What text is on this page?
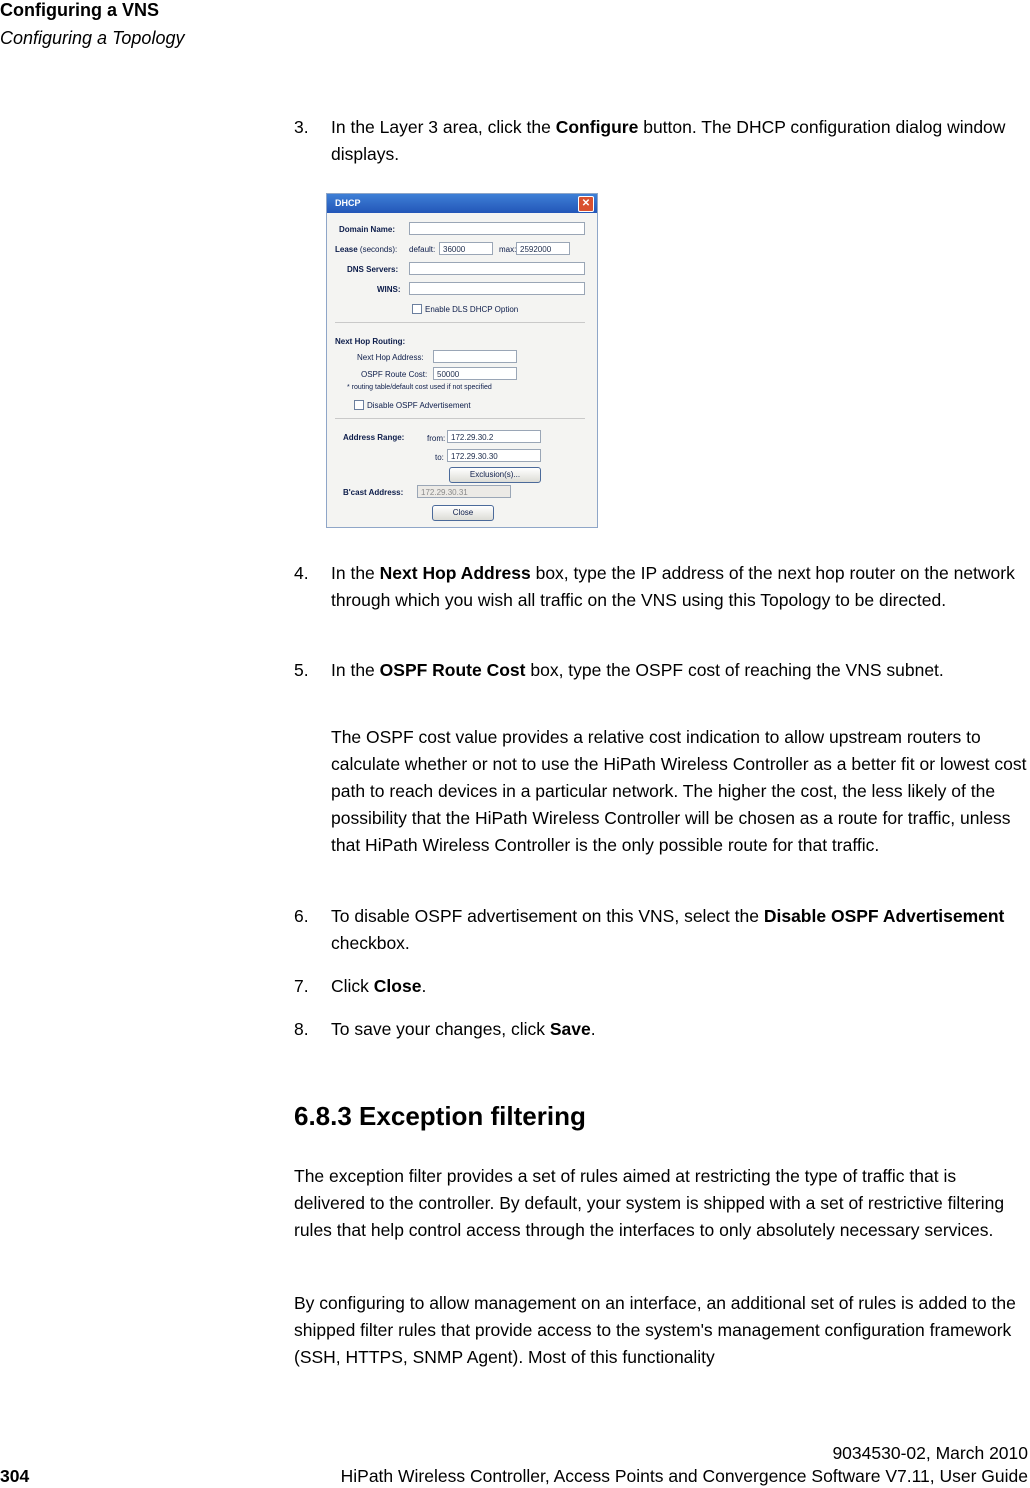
Configuring a VNS
Configuring a Topology
3. In the Layer 3 area, click the Configure button. The DHCP configuration dialog window displays.
DHCP	✕
Domain Name:
Lease (seconds): default: 36000	max: 2592000
DNS Servers:
WINS:
Enable DLS DHCP Option
Next Hop Routing:
Next Hop Address:
OSPF Route Cost:	50000
* routing table/default cost used if not specified
Disable OSPF Advertisement
Address Range:	from: 172.29.30.2
to: 172.29.30.30
Exclusion(s)...
B'cast Address:	172.29.30.31
Close
4. In the Next Hop Address box, type the IP address of the next hop router on the network through which you wish all traffic on the VNS using this Topology to be directed.
5. In the OSPF Route Cost box, type the OSPF cost of reaching the VNS subnet.
The OSPF cost value provides a relative cost indication to allow upstream routers to calculate whether or not to use the HiPath Wireless Controller as a better fit or lowest cost path to reach devices in a particular network. The higher the cost, the less likely of the possibility that the HiPath Wireless Controller will be chosen as a route for traffic, unless that HiPath Wireless Controller is the only possible route for that traffic.
6. To disable OSPF advertisement on this VNS, select the Disable OSPF Advertisement checkbox.
7. Click Close.
8. To save your changes, click Save.
6.8.3 Exception filtering
The exception filter provides a set of rules aimed at restricting the type of traffic that is delivered to the controller. By default, your system is shipped with a set of restrictive filtering rules that help control access through the interfaces to only absolutely necessary services.
By configuring to allow management on an interface, an additional set of rules is added to the shipped filter rules that provide access to the system's management configuration framework (SSH, HTTPS, SNMP Agent). Most of this functionality
9034530-02, March 2010
304	HiPath Wireless Controller, Access Points and Convergence Software V7.11, User Guide
